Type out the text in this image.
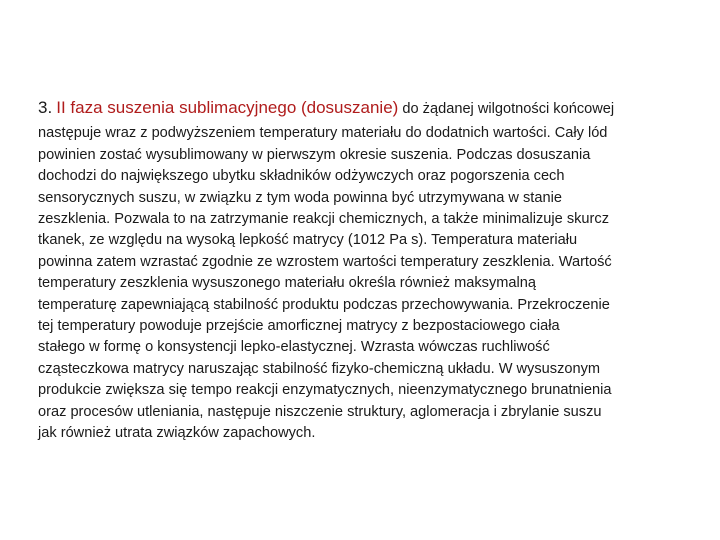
3. II faza suszenia sublimacyjnego (dosuszanie) do żądanej wilgotności końcowej
następuje wraz z podwyższeniem temperatury materiału do dodatnich wartości. Cały lód
powinien zostać wysublimowany w pierwszym okresie suszenia. Podczas dosuszania
dochodzi do największego ubytku składników odżywczych oraz pogorszenia cech
sensorycznych suszu, w związku z tym woda powinna być utrzymywana w stanie
zeszklenia. Pozwala to na zatrzymanie reakcji chemicznych, a także minimalizuje skurcz
tkanek, ze względu na wysoką lepkość matrycy (1012 Pa s). Temperatura materiału
powinna zatem wzrastać zgodnie ze wzrostem wartości temperatury zeszklenia. Wartość
temperatury zeszklenia wysuszonego materiału określa również maksymalną
temperaturę zapewniającą stabilność produktu podczas przechowywania. Przekroczenie
tej temperatury powoduje przejście amorficznej matrycy z bezpostaciowego ciała
stałego w formę o konsystencji lepko-elastycznej. Wzrasta wówczas ruchliwość
cząsteczkowa matrycy naruszając stabilność fizyko-chemiczną układu. W wysuszonym
produkcie zwiększa się tempo reakcji enzymatycznych, nieenzymatycznego brunatnienia
oraz procesów utleniania, następuje niszczenie struktury, aglomeracja i zbrylanie suszu
jak również utrata związków zapachowych.
